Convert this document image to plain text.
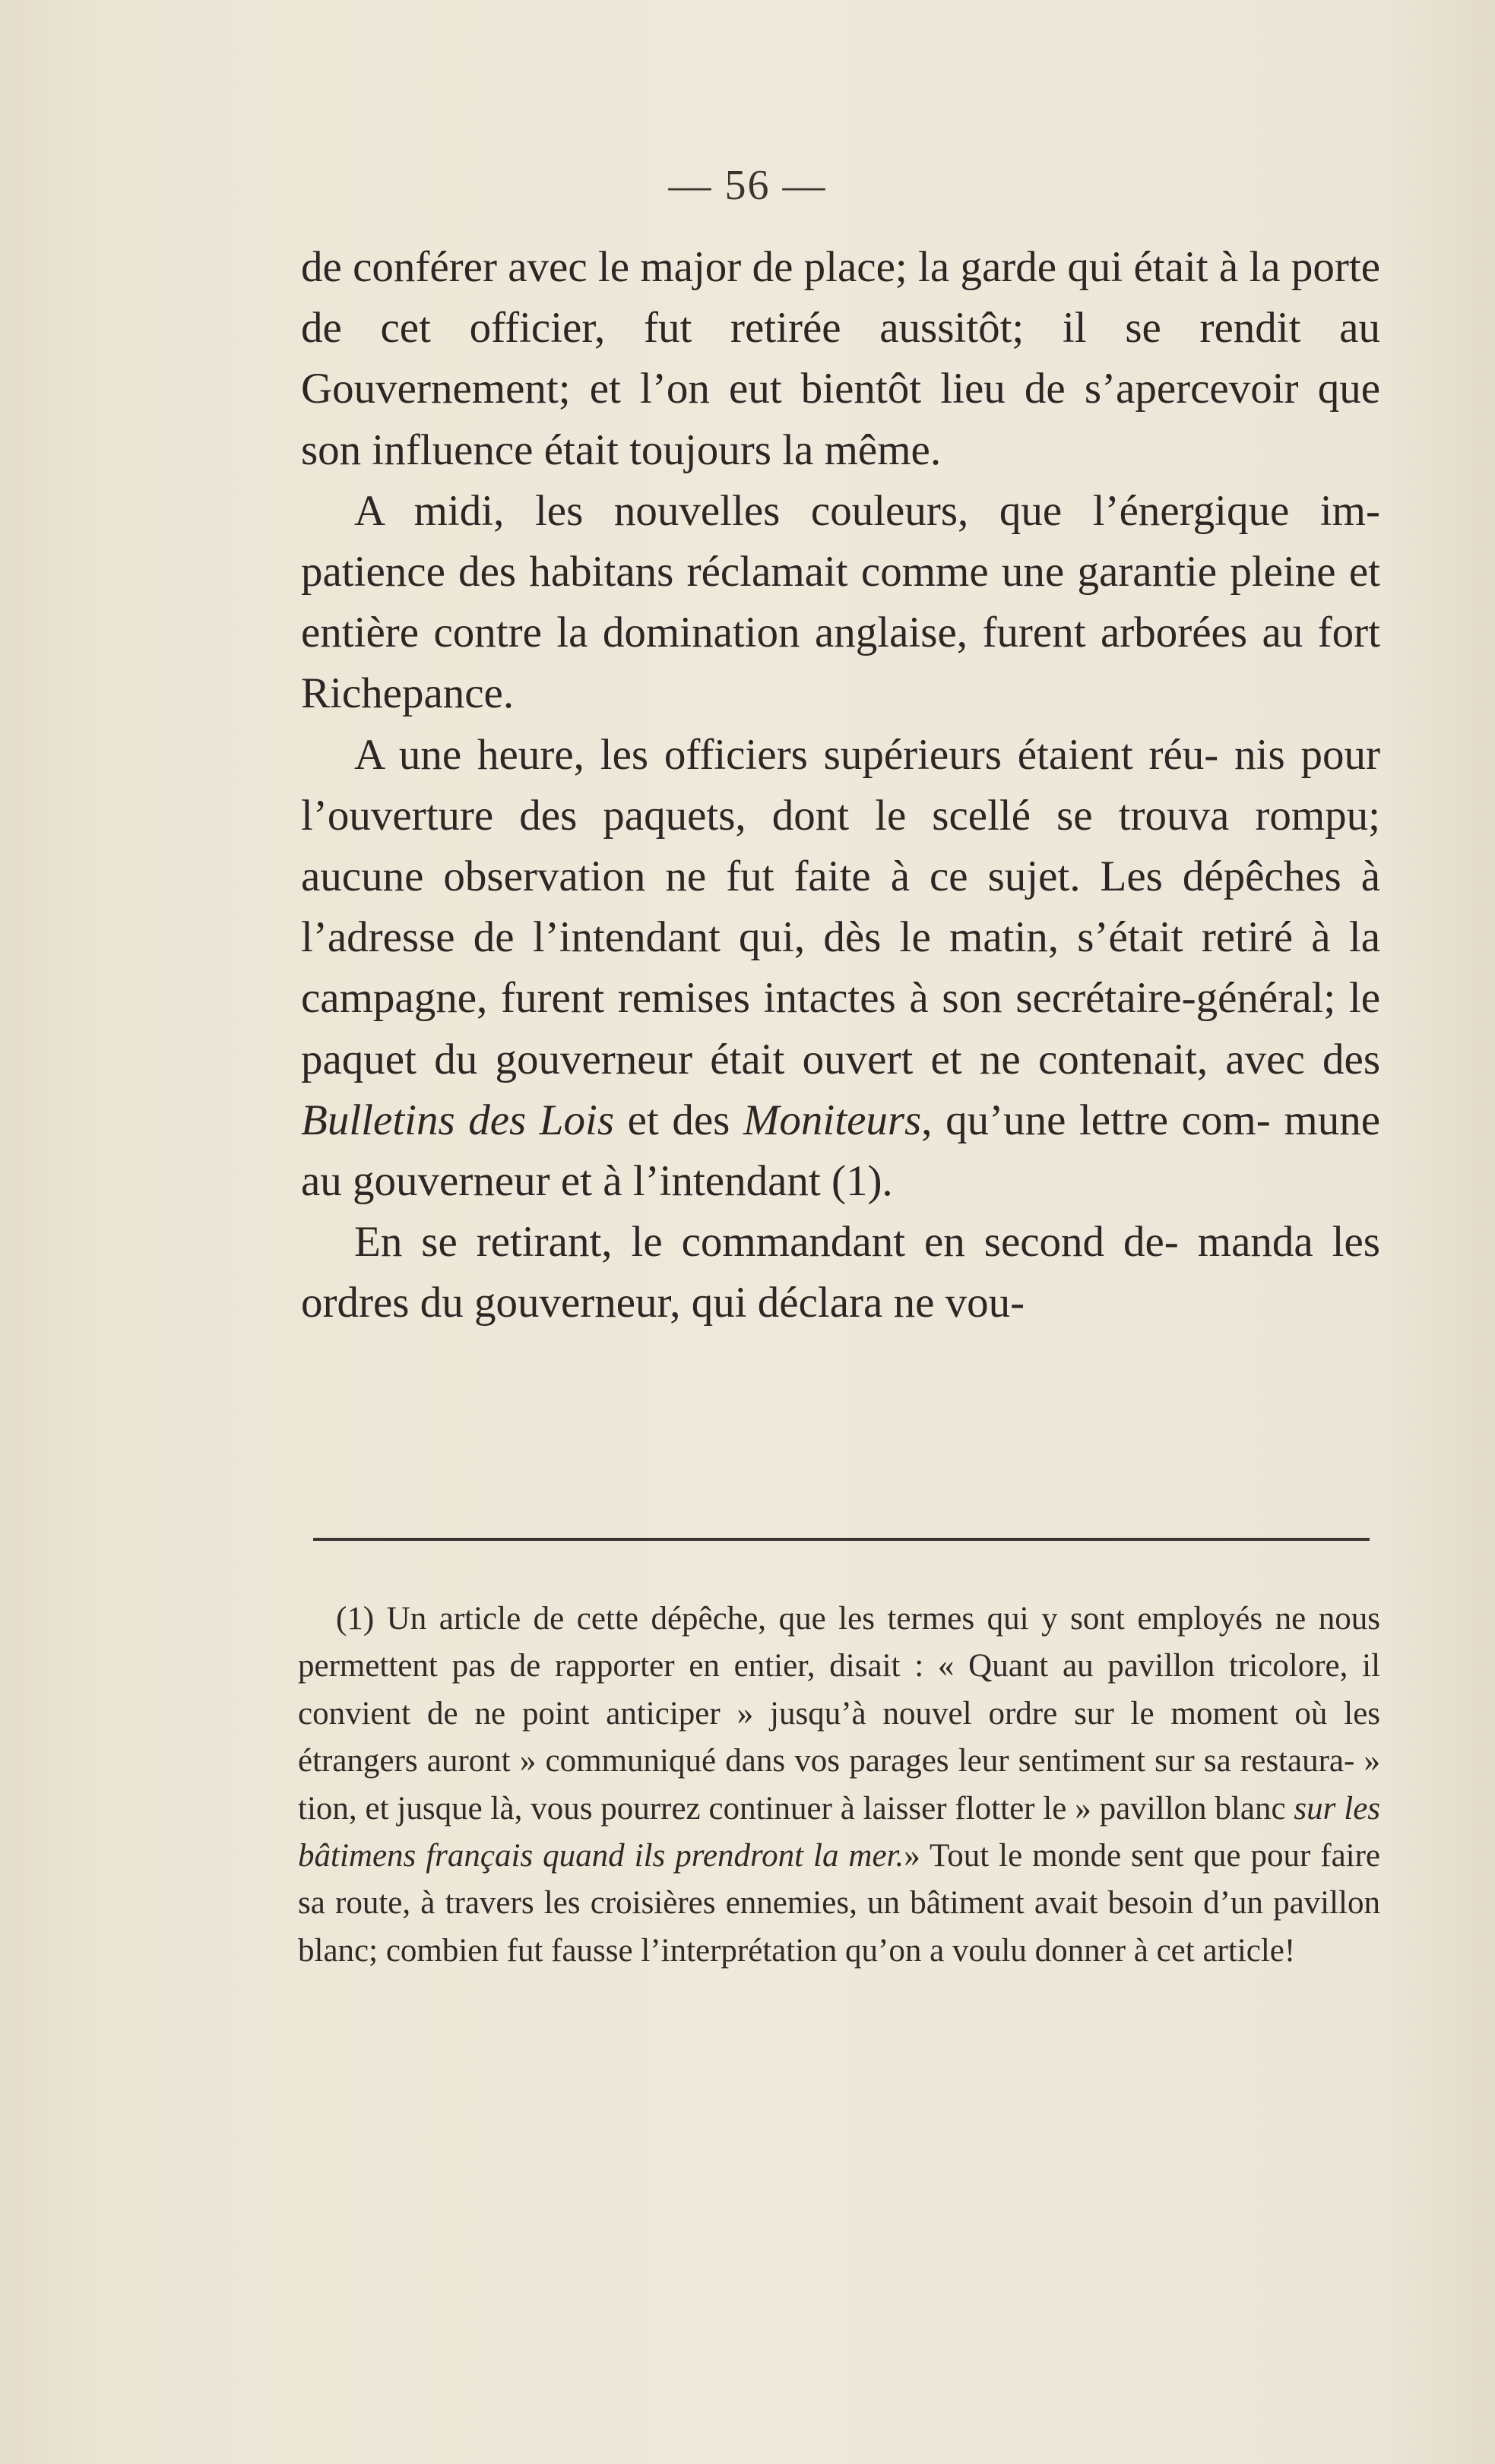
— 56 —

de conférer avec le major de place; la garde qui était à la porte de cet officier, fut retirée aussitôt; il se rendit au Gouvernement; et l’on eut bientôt lieu de s’apercevoir que son influence était toujours la même.

A midi, les nouvelles couleurs, que l’énergique im- patience des habitans réclamait comme une garantie pleine et entière contre la domination anglaise, furent arborées au fort Richepance.

A une heure, les officiers supérieurs étaient réu- nis pour l’ouverture des paquets, dont le scellé se trouva rompu; aucune observation ne fut faite à ce sujet. Les dépêches à l’adresse de l’intendant qui, dès le matin, s’était retiré à la campagne, furent remises intactes à son secrétaire-général; le paquet du gouverneur était ouvert et ne contenait, avec des Bulletins des Lois et des Moniteurs, qu’une lettre com- mune au gouverneur et à l’intendant (1).

En se retirant, le commandant en second de- manda les ordres du gouverneur, qui déclara ne vou-

(1) Un article de cette dépêche, que les termes qui y sont employés ne nous permettent pas de rapporter en entier, disait : « Quant au pavillon tricolore, il convient de ne point anticiper » jusqu’à nouvel ordre sur le moment où les étrangers auront » communiqué dans vos parages leur sentiment sur sa restaura- » tion, et jusque là, vous pourrez continuer à laisser flotter le » pavillon blanc sur les bâtimens français quand ils prendront la mer.» Tout le monde sent que pour faire sa route, à travers les croisières ennemies, un bâtiment avait besoin d’un pavillon blanc; combien fut fausse l’interprétation qu’on a voulu donner à cet article!
